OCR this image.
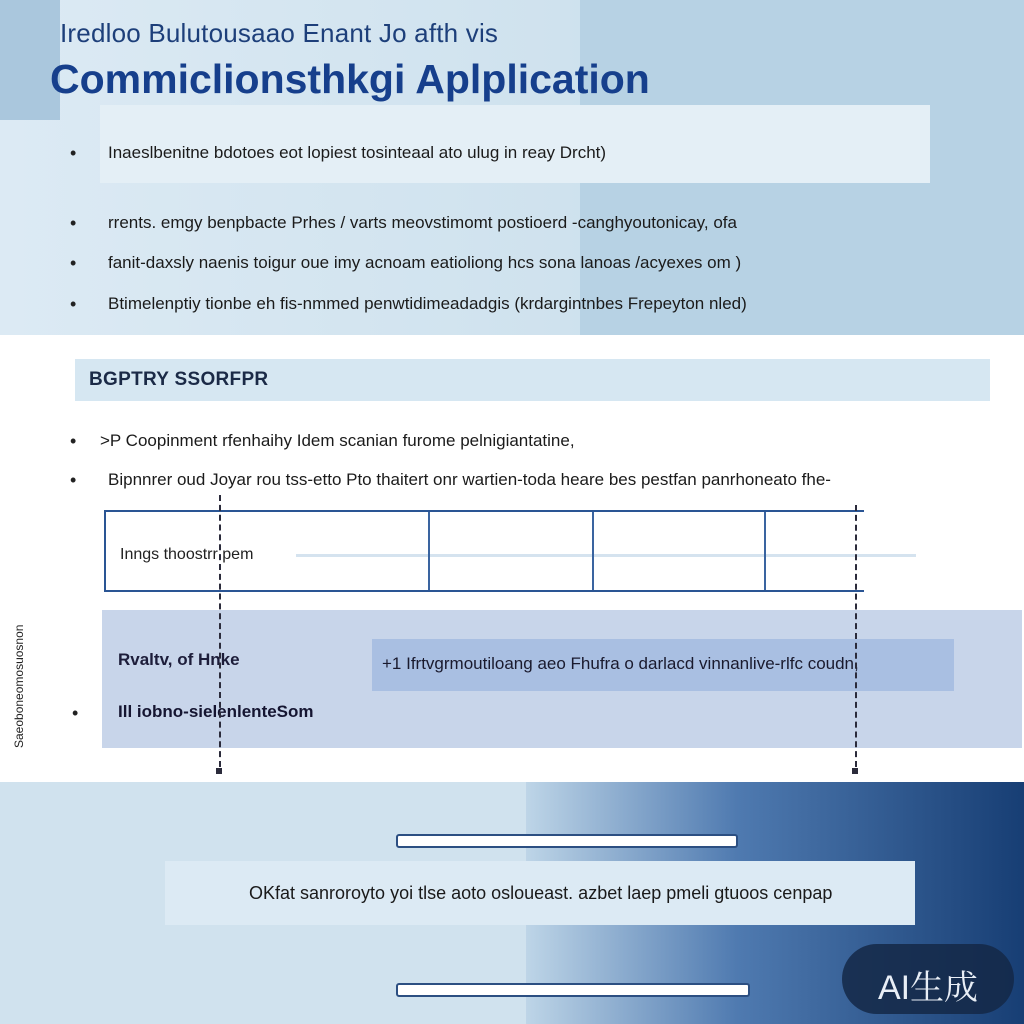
Iredloo Bulutousaao Enant Jo afth vis
Commiclionsthkgi Aplplication
• Inaeslbenitne bdotoes eot lopiest tosinteaal ato ulug in reay Drcht)
• rrents. emgy benpbacte Prhes / varts meovstimomt postioerd -canghyoutonicay, ofa
• fanit-daxsly naenis toigur oue imy acnoam eatioliong hcs sona lanoas /acyexes om )
• Btimelenptiy tionbe eh fis-nmmed penwtidimeadadgis (krdargintnbes Frepeyton nled)
BGPTRY SSORFPR
• >P Coopinment rfenhaihy Idem scanian furome pelnigiantatine,
• Bipnnrer oud Joyar rou tss-etto Pto thaitert onr wartien-toda heare bes pestfan panrhoneato fhe-
Inngs thoostrr pem
Rvaltv, of Hnke
Ill iobno-sielenlenteSom
+1 Ifrtvgrmoutiloang aeo Fhufra o darlacd vinnanlive-rlfc coudn,
•
Saeoboneomosuosnon
OKfat sanroroyto yoi tlse aoto osloueast. azbet laep pmeli gtuoos cenpap
AI生成
